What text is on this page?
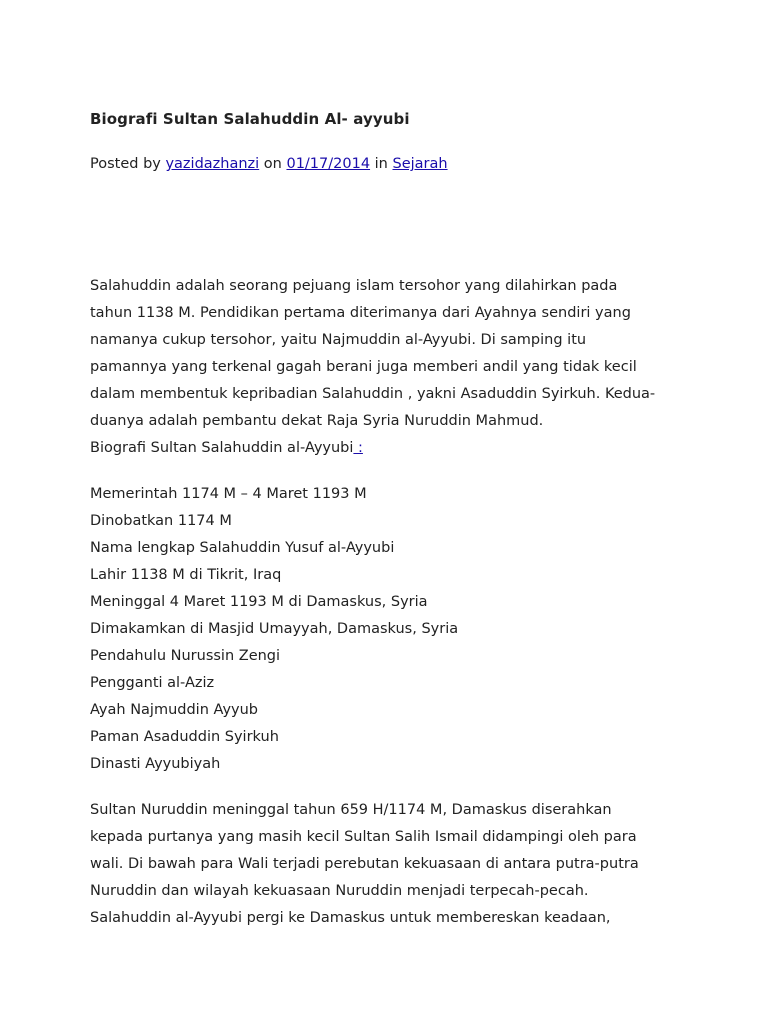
Biografi Sultan Salahuddin Al- ayyubi
Posted by yazidazhanzi on 01/17/2014 in Sejarah
Salahuddin adalah seorang pejuang islam tersohor yang dilahirkan pada
tahun 1138 M. Pendidikan pertama diterimanya dari Ayahnya sendiri yang
namanya cukup tersohor, yaitu Najmuddin al-Ayyubi. Di samping itu
pamannya yang terkenal gagah berani juga memberi andil yang tidak kecil
dalam membentuk kepribadian Salahuddin , yakni Asaduddin Syirkuh. Kedua-
duanya adalah pembantu dekat Raja Syria Nuruddin Mahmud.
Biografi Sultan Salahuddin al-Ayyubi :
Memerintah 1174 M – 4 Maret 1193 M
Dinobatkan 1174 M
Nama lengkap Salahuddin Yusuf al-Ayyubi
Lahir 1138 M di Tikrit, Iraq
Meninggal 4 Maret 1193 M di Damaskus, Syria
Dimakamkan di Masjid Umayyah, Damaskus, Syria
Pendahulu Nurussin Zengi
Pengganti al-Aziz
Ayah Najmuddin Ayyub
Paman Asaduddin Syirkuh
Dinasti Ayyubiyah
Sultan Nuruddin meninggal tahun 659 H/1174 M, Damaskus diserahkan
kepada purtanya yang masih kecil Sultan Salih Ismail didampingi oleh para
wali. Di bawah para Wali terjadi perebutan kekuasaan di antara putra-putra
Nuruddin dan wilayah kekuasaan Nuruddin menjadi terpecah-pecah.
Salahuddin al-Ayyubi pergi ke Damaskus untuk membereskan keadaan,
